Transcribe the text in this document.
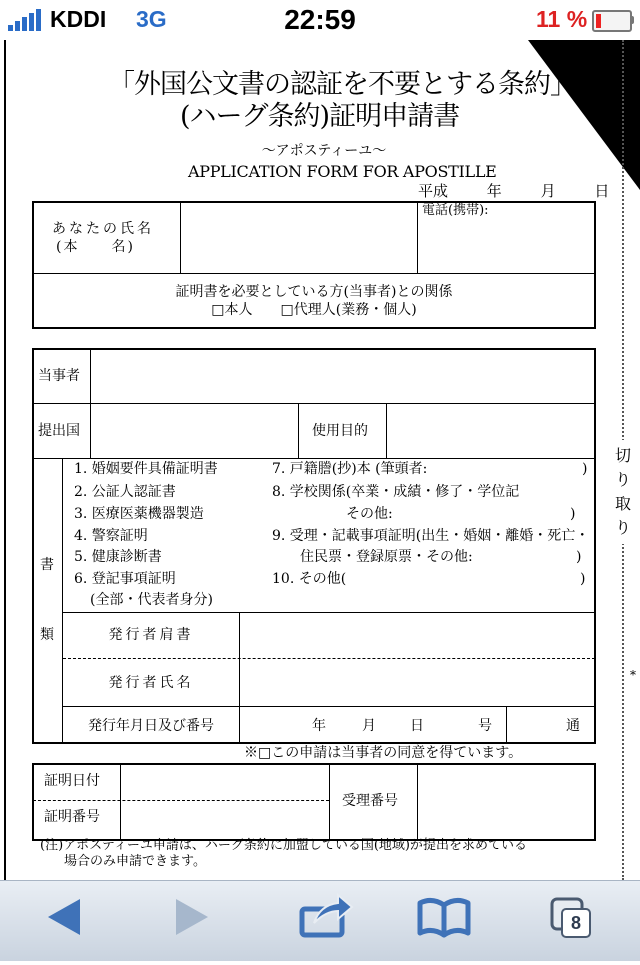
KDDI 3G	22:59	11 %
切り取り
*
「外国公文書の認証を不要とする条約」
(ハーグ条約)証明申請書
〜アポスティーユ〜
APPLICATION FORM FOR APOSTILLE
平成	年	月	日
あなたの氏名
(本　　名)
電話(携帯):
証明書を必要としている方(当事者)との関係
□本人　　□代理人(業務・個人)
当事者
提出国	使用目的
書
類
1. 婚姻要件具備証明書
2. 公証人認証書
3. 医療医薬機器製造
4. 警察証明
5. 健康診断書
6. 登記事項証明
(全部・代表者身分)
7. 戸籍謄(抄)本 (筆頭者:	)
8. 学校関係(卒業・成績・修了・学位記
その他:	)
9. 受理・記載事項証明(出生・婚姻・離婚・死亡・
住民票・登録原票・その他:	)
10. その他(	)
発行者肩書
発行者氏名
発行年月日及び番号	年	月 日	号	通
※□この申請は当事者の同意を得ています。
証明日付
証明番号
受理番号
(注)アポスティーユ申請は、ハーグ条約に加盟している国(地域)が提出を求めている
場合のみ申請できます。
8
